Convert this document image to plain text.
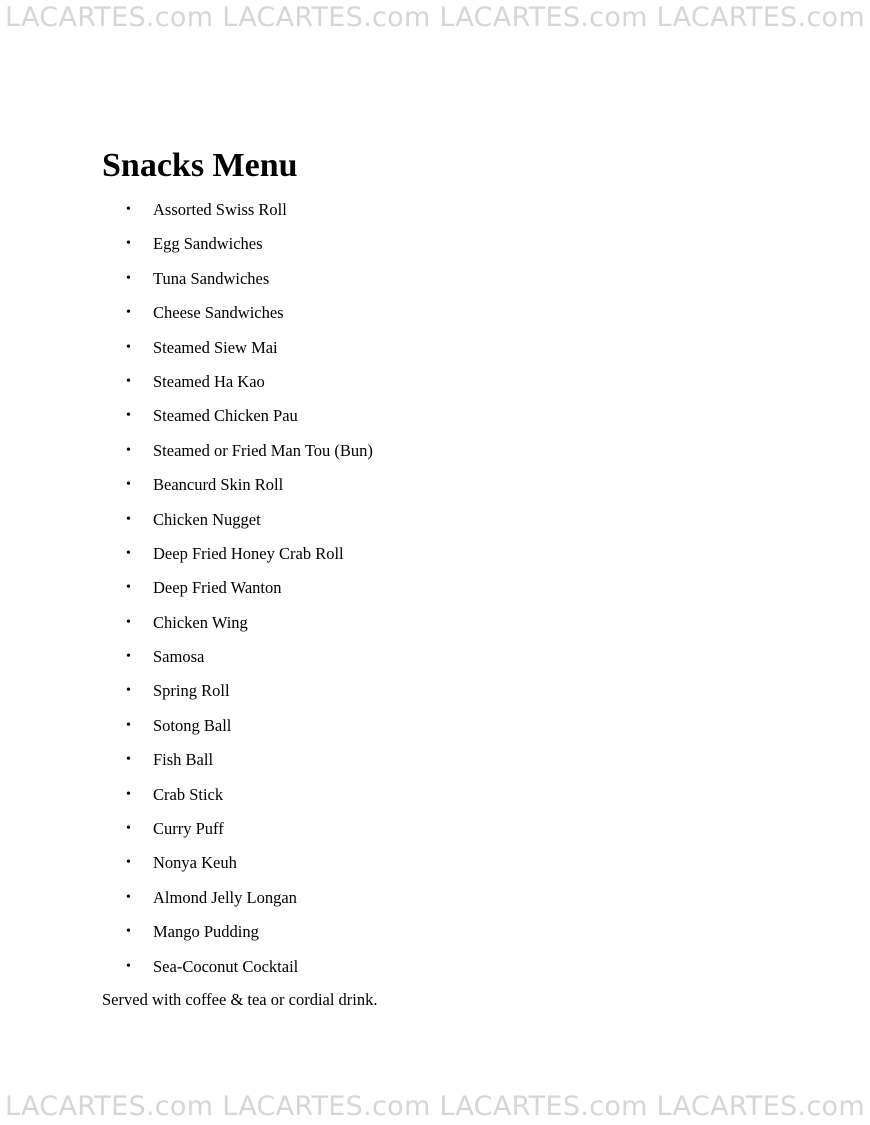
LACARTES.com LACARTES.com LACARTES.com LACARTES.com
Snacks Menu
• Assorted Swiss Roll
• Egg Sandwiches
• Tuna Sandwiches
• Cheese Sandwiches
• Steamed Siew Mai
• Steamed Ha Kao
• Steamed Chicken Pau
• Steamed or Fried Man Tou (Bun)
• Beancurd Skin Roll
• Chicken Nugget
• Deep Fried Honey Crab Roll
• Deep Fried Wanton
• Chicken Wing
• Samosa
• Spring Roll
• Sotong Ball
• Fish Ball
• Crab Stick
• Curry Puff
• Nonya Keuh
• Almond Jelly Longan
• Mango Pudding
• Sea-Coconut Cocktail

Served with coffee & tea or cordial drink.

LACARTES.com LACARTES.com LACARTES.com LACARTES.com
